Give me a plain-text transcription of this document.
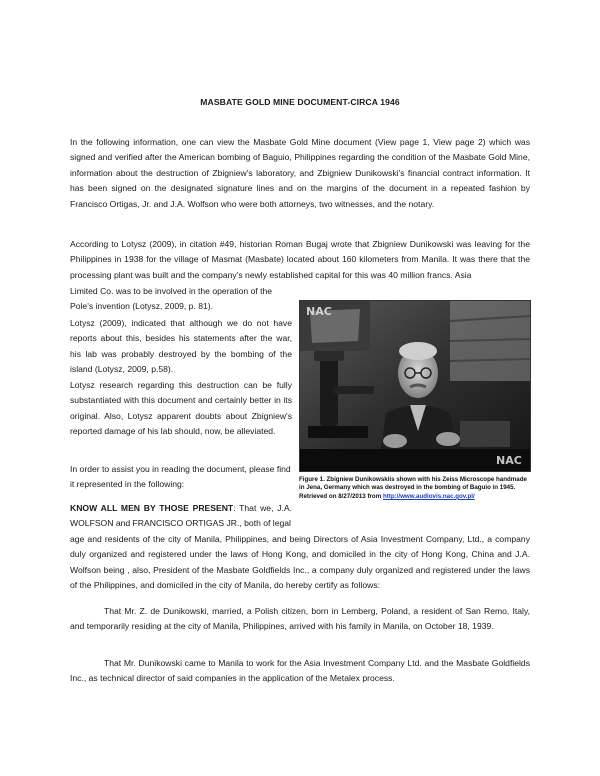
MASBATE GOLD MINE DOCUMENT-CIRCA 1946

In the following information, one can view the Masbate Gold Mine document (View page 1, View page 2) which was signed and verified after the American bombing of Baguio, Philippines regarding the condition of the Masbate Gold Mine, information about the destruction of Zbigniew's laboratory, and Zbigniew Dunikowski's financial contract information. It has been signed on the designated signature lines and on the margins of the document in a repeated fashion by Francisco Ortigas, Jr. and J.A. Wolfson who were both attorneys, two witnesses, and the notary.

According to Lotysz (2009), in citation #49, historian Roman Bugaj wrote that Zbigniew Dunikowski was leaving for the Philippines in 1938 for the village of Masmat (Masbate) located about 160 kilometers from Manila. It was there that the processing plant was built and the company's newly established capital for this was 40 million francs. Asia

Limited Co. was to be involved in the operation of the Pole's invention (Lotysz, 2009, p. 81).

Lotysz (2009), indicated that although we do not have reports about this, besides his statements after the war, his lab was probably destroyed by the bombing of the island (Lotysz, 2009, p.58).

Lotysz research regarding this destruction can be fully substantiated with this document and certainly better in its original. Also, Lotysz apparent doubts about Zbigniew's reported damage of his lab should, now, be alleviated.

In order to assist you in reading the document, please find it represented in the following:

KNOW ALL MEN BY THOSE PRESENT: That we, J.A. WOLFSON and FRANCISCO ORTIGAS JR., both of legal

age and residents of the city of Manila, Philippines, and being Directors of Asia Investment Company, Ltd., a company duly organized and registered under the laws of Hong Kong, and domiciled in the city of Hong Kong, China and J.A. Wolfson being , also, President of the Masbate Goldfields Inc., a company duly organized and registered under the laws of the Philippines, and domiciled in the city of Manila, do hereby certify as follows:

That Mr. Z. de Dunikowski, married, a Polish citizen, born in Lemberg, Poland, a resident of San Remo, Italy, and temporarily residing at the city of Manila, Philippines, arrived with his family in Manila, on October 18, 1939.

That Mr. Dunikowski came to Manila to work for the Asia Investment Company Ltd. and the Masbate Goldfields Inc., as technical director of said companies in the application of the Metalex process.

NAC
NAC
Figure 1. Zbigniew Dunikowskiis shown with his Zeiss Microscope handmade in Jena, Germany which was destroyed in the bombing of Baguio in 1945. Retrieved on 8/27/2013 from http://www.audiovis.nac.gov.pl/
